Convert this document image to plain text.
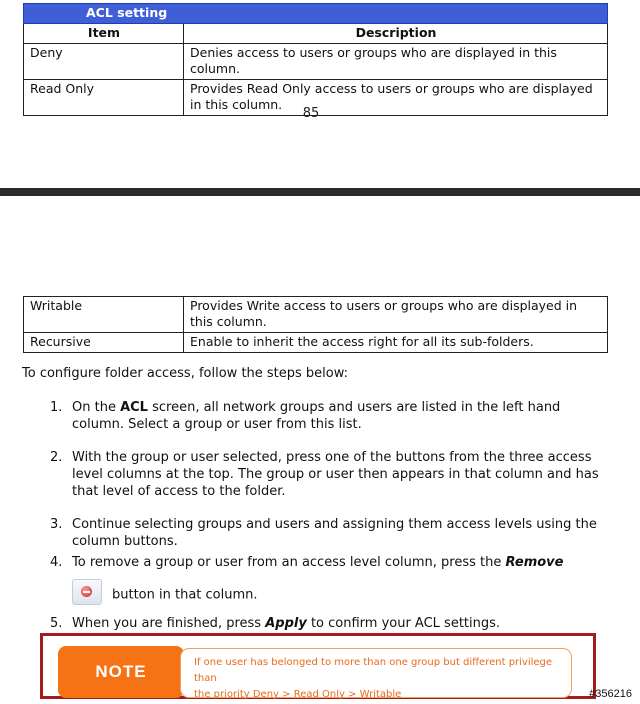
ACL setting	
Item	Description
Deny	Denies access to users or groups who are displayed in this column.
Read Only	Provides Read Only access to users or groups who are displayed in this column.
85
Writable	Provides Write access to users or groups who are displayed in this column.
Recursive	Enable to inherit the access right for all its sub-folders.
To configure folder access, follow the steps below:
1. On the ACL screen, all network groups and users are listed in the left hand column. Select a group or user from this list.
2. With the group or user selected, press one of the buttons from the three access level columns at the top. The group or user then appears in that column and has that level of access to the folder.
3. Continue selecting groups and users and assigning them access levels using the column buttons.
4. To remove a group or user from an access level column, press the Remove
button in that column.
5. When you are finished, press Apply to confirm your ACL settings.
NOTE	If one user has belonged to more than one group but different privilege than
the priority Deny > Read Only > Writable	#356216
